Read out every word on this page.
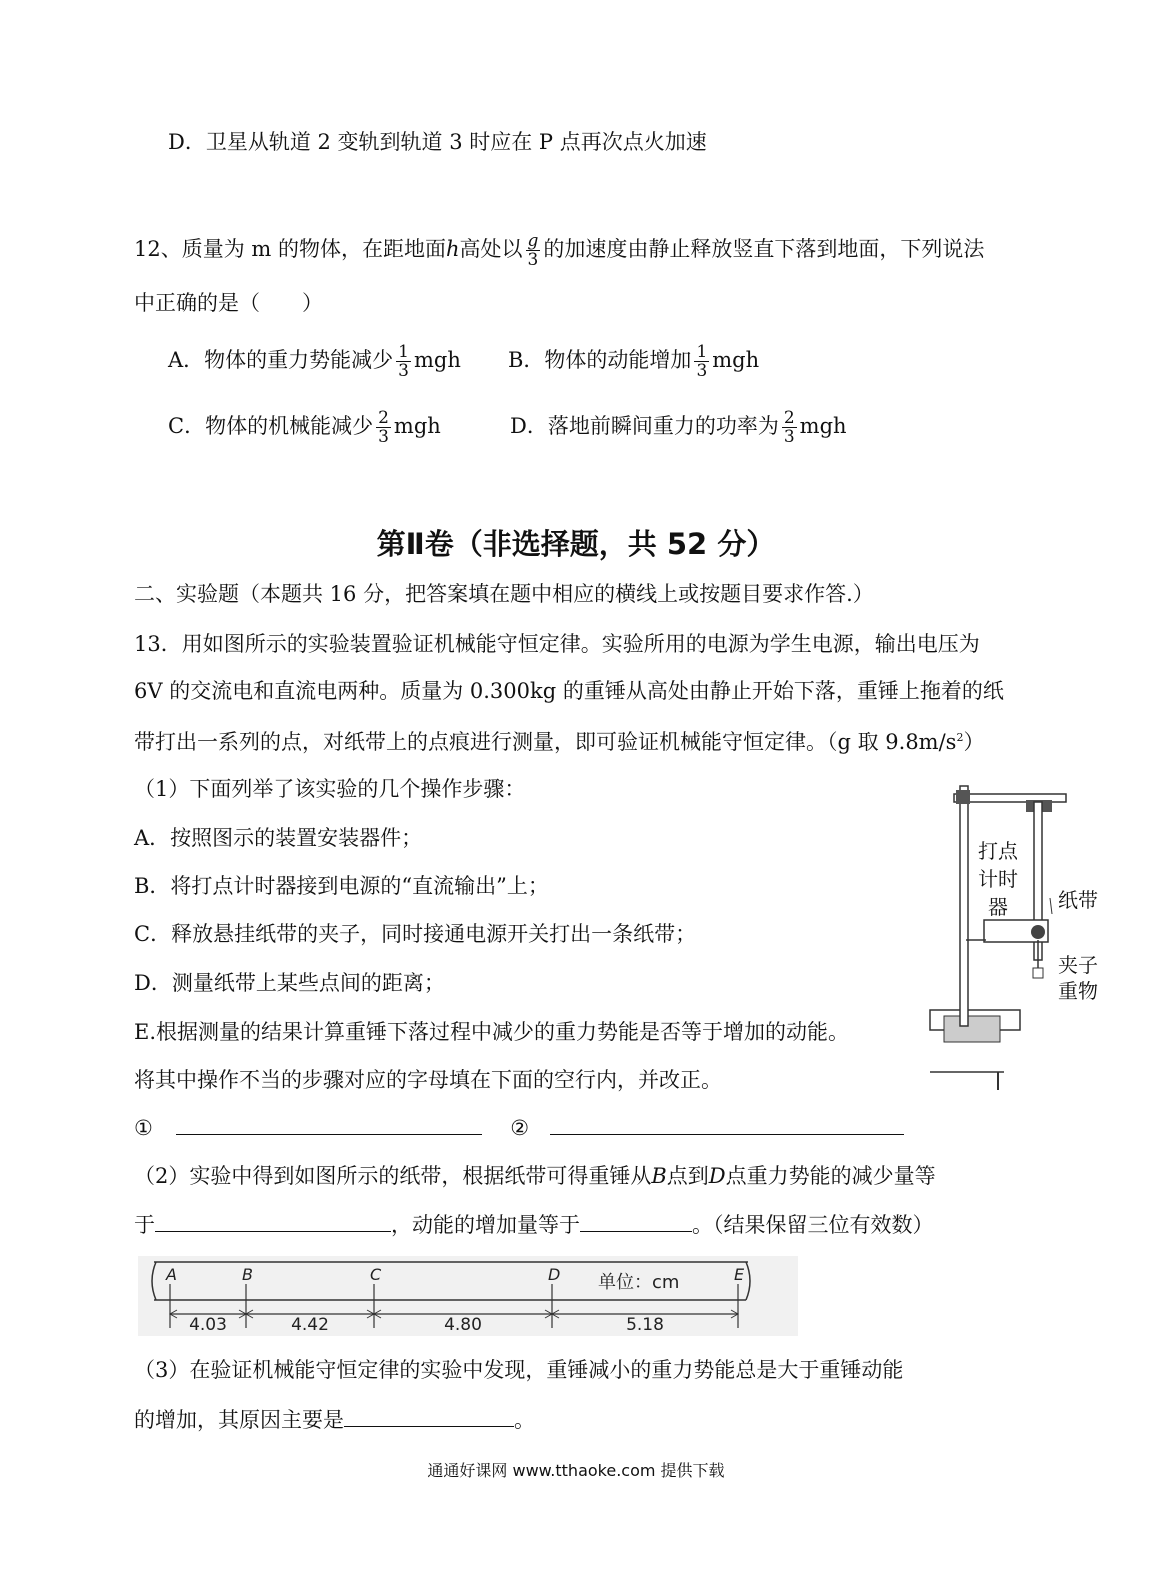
D．卫星从轨道 2 变轨到轨道 3 时应在 P 点再次点火加速
12、质量为 m 的物体，在距地面h高处以 $\frac{g}{3}$ 的加速度由静止释放竖直下落到地面，下列说法
中正确的是（　　）
A．物体的重力势能减少 $\frac{1}{3}$ mgh B．物体的动能增加 $\frac{1}{3}$ mgh
C．物体的机械能减少 $\frac{2}{3}$ mgh	D．落地前瞬间重力的功率为 $\frac{2}{3}$ mgh
第Ⅱ卷（非选择题，共 52 分）
二、实验题（本题共 16 分，把答案填在题中相应的横线上或按题目要求作答.）
13．用如图所示的实验装置验证机械能守恒定律。实验所用的电源为学生电源，输出电压为
6V 的交流电和直流电两种。质量为 0.300kg 的重锤从高处由静止开始下落，重锤上拖着的纸
带打出一系列的点，对纸带上的点痕进行测量，即可验证机械能守恒定律。（g 取 $9.8m/s^2$）
（1）下面列举了该实验的几个操作步骤：
A．按照图示的装置安装器件；
B．将打点计时器接到电源的“直流输出”上；
C．释放悬挂纸带的夹子，同时接通电源开关打出一条纸带；
D．测量纸带上某些点间的距离；
E.根据测量的结果计算重锤下落过程中减少的重力势能是否等于增加的动能。
将其中操作不当的步骤对应的字母填在下面的空行内，并改正。
①	②
（2）实验中得到如图所示的纸带，根据纸带可得重锤从B点到D点重力势能的减少量等
于	，动能的增加量等于	。（结果保留三位有效数）
A	B	C	D	E
4.03	4.42	4.80	5.18
单位：cm
（3）在验证机械能守恒定律的实验中发现，重锤减小的重力势能总是大于重锤动能
的增加，其原因主要是	。
打点
计时
器	纸带
夹子
重物
通通好课网 www.tthaoke.com 提供下载
